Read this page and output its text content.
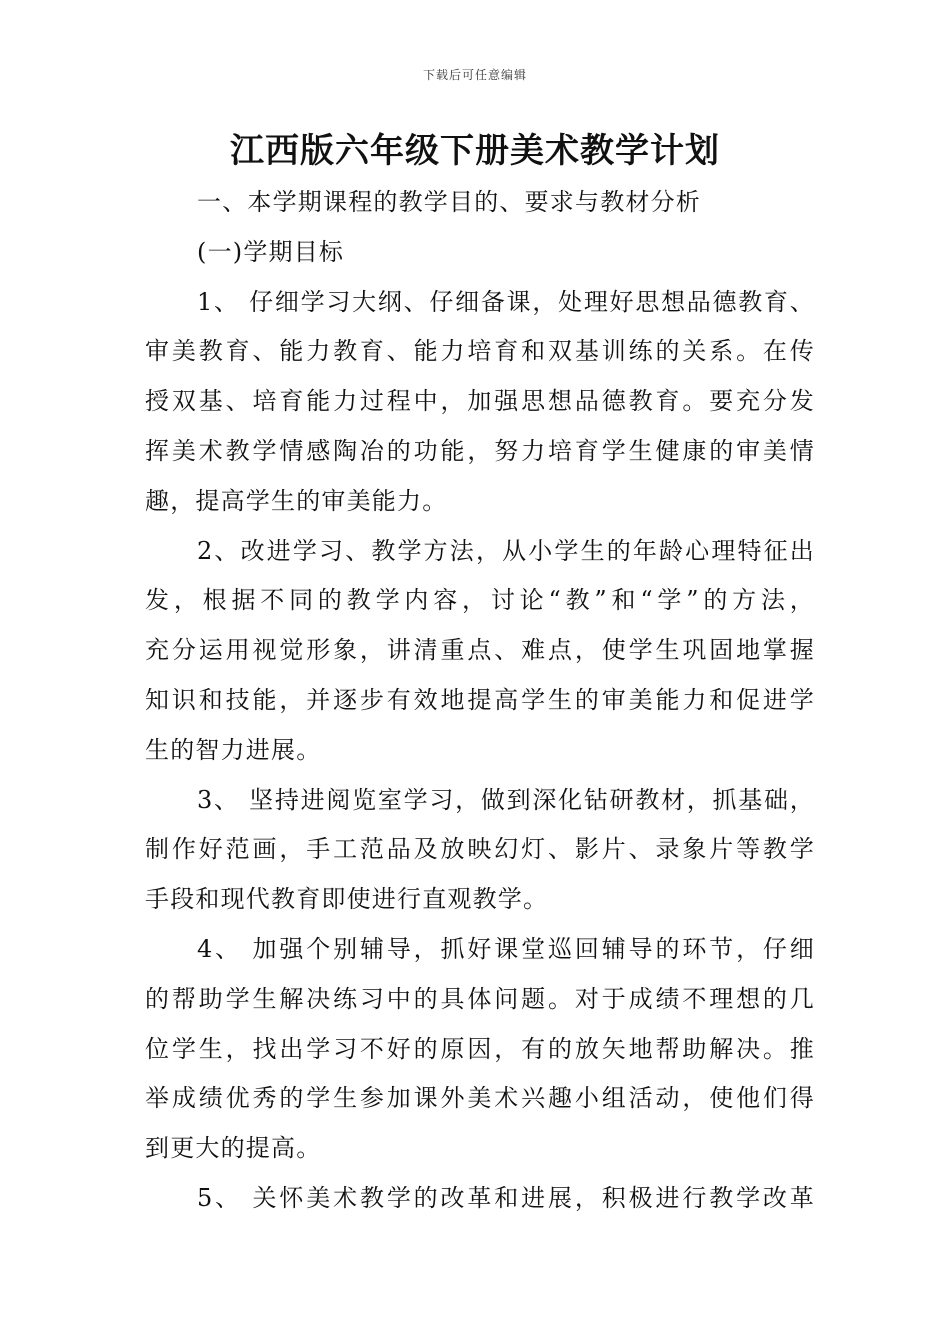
下载后可任意编辑
江西版六年级下册美术教学计划
一、本学期课程的教学目的、要求与教材分析
(一)学期目标
1、 仔细学习大纲、仔细备课，处理好思想品德教育、
审美教育、能力教育、能力培育和双基训练的关系。在传
授双基、培育能力过程中，加强思想品德教育。要充分发
挥美术教学情感陶冶的功能，努力培育学生健康的审美情
趣，提高学生的审美能力。
2、改进学习、教学方法，从小学生的年龄心理特征出
发，根据不同的教学内容，讨论“教”和“学”的方法，
充分运用视觉形象，讲清重点、难点，使学生巩固地掌握
知识和技能，并逐步有效地提高学生的审美能力和促进学
生的智力进展。
3、 坚持进阅览室学习，做到深化钻研教材，抓基础，
制作好范画，手工范品及放映幻灯、影片、录象片等教学
手段和现代教育即使进行直观教学。
4、 加强个别辅导，抓好课堂巡回辅导的环节，仔细
的帮助学生解决练习中的具体问题。对于成绩不理想的几
位学生，找出学习不好的原因，有的放矢地帮助解决。推
举成绩优秀的学生参加课外美术兴趣小组活动，使他们得
到更大的提高。
5、 关怀美术教学的改革和进展，积极进行教学改革
